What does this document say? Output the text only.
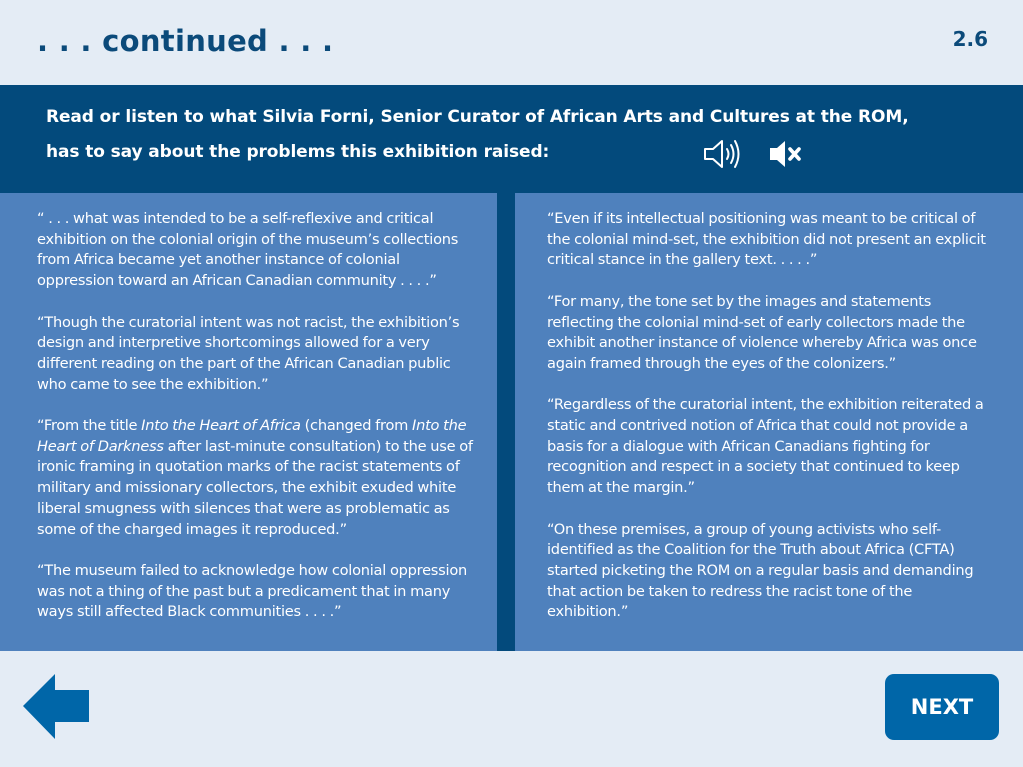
. . . continued . . .	2.6
Read or listen to what Silvia Forni, Senior Curator of African Arts and Cultures at the ROM,
has to say about the problems this exhibition raised:

“ . . . what was intended to be a self-reflexive and critical exhibition on the colonial origin of the museum’s collections from Africa became yet another instance of colonial oppression toward an African Canadian community . . . .”

“Though the curatorial intent was not racist, the exhibition’s design and interpretive shortcomings allowed for a very different reading on the part of the African Canadian public who came to see the exhibition.”

“From the title Into the Heart of Africa (changed from Into the Heart of Darkness after last-minute consultation) to the use of ironic framing in quotation marks of the racist statements of military and missionary collectors, the exhibit exuded white liberal smugness with silences that were as problematic as some of the charged images it reproduced.”

“The museum failed to acknowledge how colonial oppression was not a thing of the past but a predicament that in many ways still affected Black communities . . . .”

“Even if its intellectual positioning was meant to be critical of the colonial mind-set, the exhibition did not present an explicit critical stance in the gallery text. . . . .”

“For many, the tone set by the images and statements reflecting the colonial mind-set of early collectors made the exhibit another instance of violence whereby Africa was once again framed through the eyes of the colonizers.”

“Regardless of the curatorial intent, the exhibition reiterated a static and contrived notion of Africa that could not provide a basis for a dialogue with African Canadians fighting for recognition and respect in a society that continued to keep them at the margin.”

“On these premises, a group of young activists who self-identified as the Coalition for the Truth about Africa (CFTA) started picketing the ROM on a regular basis and demanding that action be taken to redress the racist tone of the exhibition.”

NEXT
